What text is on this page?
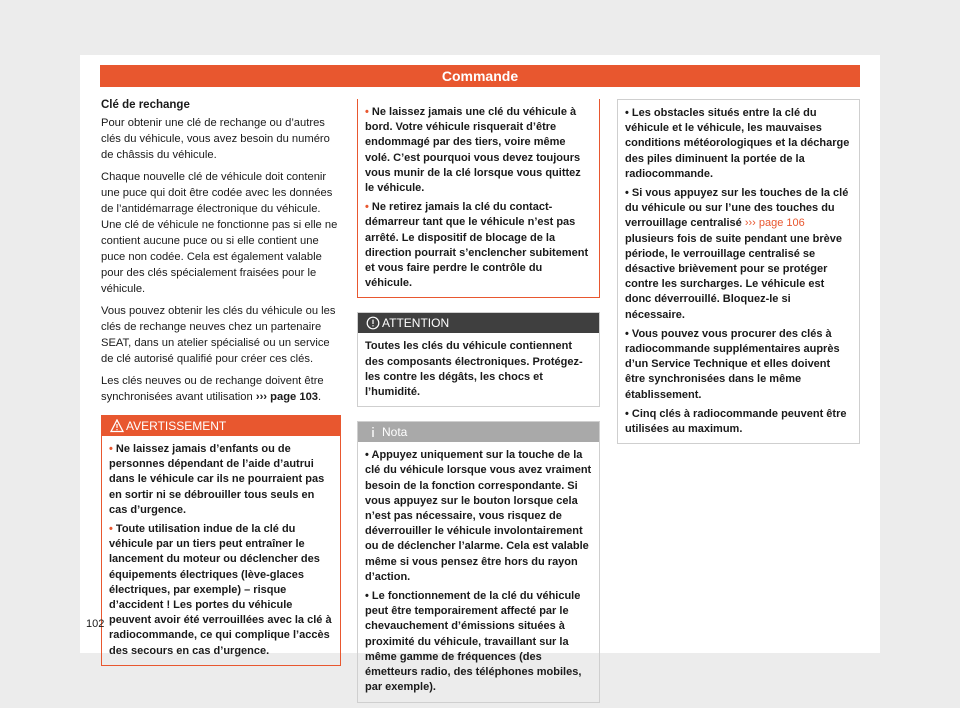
Commande
Clé de rechange

Pour obtenir une clé de rechange ou d’autres clés du véhicule, vous avez besoin du numéro de châssis du véhicule.

Chaque nouvelle clé de véhicule doit contenir une puce qui doit être codée avec les données de l’antidémarrage électronique du véhicule. Une clé de véhicule ne fonctionne pas si elle ne contient aucune puce ou si elle contient une puce non codée. Cela est également valable pour des clés spécialement fraisées pour le véhicule.

Vous pouvez obtenir les clés du véhicule ou les clés de rechange neuves chez un partenaire SEAT, dans un atelier spécialisé ou un service de clé autorisé qualifié pour créer ces clés.

Les clés neuves ou de rechange doivent être synchronisées avant utilisation ››› page 103.

AVERTISSEMENT

• Ne laissez jamais d’enfants ou de personnes dépendant de l’aide d’autrui dans le véhicule car ils ne pourraient pas en sortir ni se débrouiller tous seuls en cas d’urgence.

• Toute utilisation indue de la clé du véhicule par un tiers peut entraîner le lancement du moteur ou déclencher des équipements électriques (lève-glaces électriques, par exemple) – risque d’accident ! Les portes du véhicule peuvent avoir été verrouillées avec la clé à radiocommande, ce qui complique l’accès des secours en cas d’urgence.

• Ne laissez jamais une clé du véhicule à bord. Votre véhicule risquerait d’être endommagé par des tiers, voire même volé. C’est pourquoi vous devez toujours vous munir de la clé lorsque vous quittez le véhicule.

• Ne retirez jamais la clé du contact-démarreur tant que le véhicule n’est pas arrêté. Le dispositif de blocage de la direction pourrait s’enclencher subitement et vous faire perdre le contrôle du véhicule.

ATTENTION

Toutes les clés du véhicule contiennent des composants électroniques. Protégez-les contre les dégâts, les chocs et l’humidité.

Nota

• Appuyez uniquement sur la touche de la clé du véhicule lorsque vous avez vraiment besoin de la fonction correspondante. Si vous appuyez sur le bouton lorsque cela n’est pas nécessaire, vous risquez de déverrouiller le véhicule involontairement ou de déclencher l’alarme. Cela est valable même si vous pensez être hors du rayon d’action.

• Le fonctionnement de la clé du véhicule peut être temporairement affecté par le chevauchement d’émissions situées à proximité du véhicule, travaillant sur la même gamme de fréquences (des émetteurs radio, des téléphones mobiles, par exemple).

• Les obstacles situés entre la clé du véhicule et le véhicule, les mauvaises conditions météorologiques et la décharge des piles diminuent la portée de la radiocommande.

• Si vous appuyez sur les touches de la clé du véhicule ou sur l’une des touches du verrouillage centralisé ››› page 106 plusieurs fois de suite pendant une brève période, le verrouillage centralisé se désactive brièvement pour se protéger contre les surcharges. Le véhicule est donc déverrouillé. Bloquez-le si nécessaire.

• Vous pouvez vous procurer des clés à radiocommande supplémentaires auprès d’un Service Technique et elles doivent être synchronisées dans le même établissement.

• Cinq clés à radiocommande peuvent être utilisées au maximum.

102
